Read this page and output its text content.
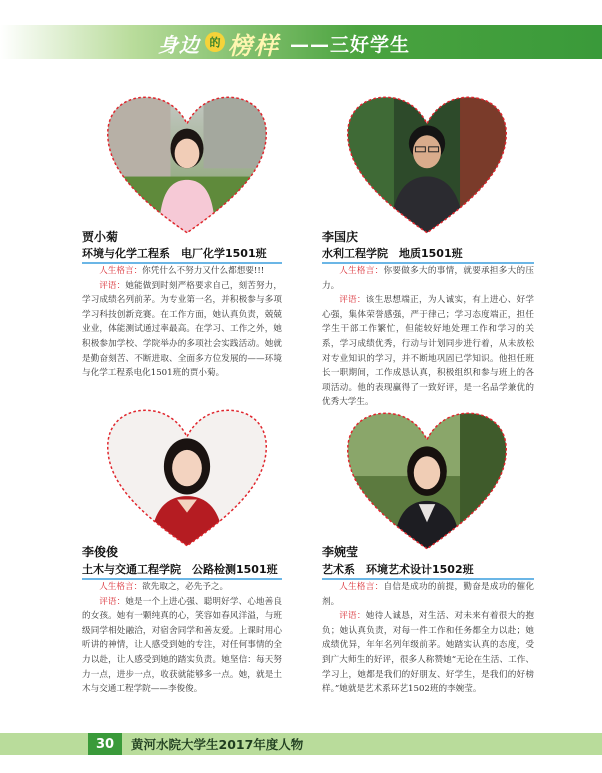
身边 的 榜样 ——三好学生
贾小菊
环境与化学工程系　电厂化学1501班

人生格言：你凭什么不努力又什么都想要!!!

评语：她能做到时刻严格要求自己，刻苦努力，学习成绩名列前茅。为专业第一名，并积极参与多项学习科技创新竞赛。在工作方面，她认真负责，兢兢业业，体能测试通过率最高。在学习、工作之外，她积极参加学校、学院举办的多项社会实践活动。她就是勤奋刻苦、不断进取、全面多方位发展的——环境与化学工程系电化1501班的贾小菊。

李国庆
水利工程学院　地质1501班

人生格言：你要做多大的事情，就要承担多大的压力。

评语：该生思想端正，为人诚实，有上进心、好学心强，集体荣誉感强，严于律己；学习态度端正，担任学生干部工作繁忙，但能较好地处理工作和学习的关系，学习成绩优秀，行动与计划同步进行着，从未放松对专业知识的学习，并不断地巩固已学知识。他担任班长一职期间，工作成恳认真，积极组织和参与班上的各项活动。他的表现赢得了一致好评，是一名品学兼优的优秀大学生。

李俊俊
土木与交通工程学院　公路检测1501班

人生格言：欲先取之，必先予之。

评语：她是一个上进心强、聪明好学、心地善良的女孩。她有一颗纯真的心，笑容如春风洋溢，与班级同学相处融洽，对宿舍同学和善友爱。上课时用心听讲的神情，让人感受到她的专注，对任何事情的全力以赴，让人感受到她的踏实负责。她坚信：每天努力一点，进步一点，收获就能够多一点。她，就是土木与交通工程学院——李俊俊。

李婉莹
艺术系　环境艺术设计1502班

人生格言：自信是成功的前提，勤奋是成功的催化剂。

评语：她待人诚恳，对生活、对未来有着很大的抱负；她认真负责，对每一件工作和任务都全力以赴；她成绩优异，年年名列年级前茅。她踏实认真的态度，受到广大师生的好评，很多人称赞她“无论在生活、工作、学习上，她都是我们的好朋友、好学生，是我们的好榜样。”她就是艺术系环艺1502班的李婉莹。

30	黄河水院大学生2017年度人物
